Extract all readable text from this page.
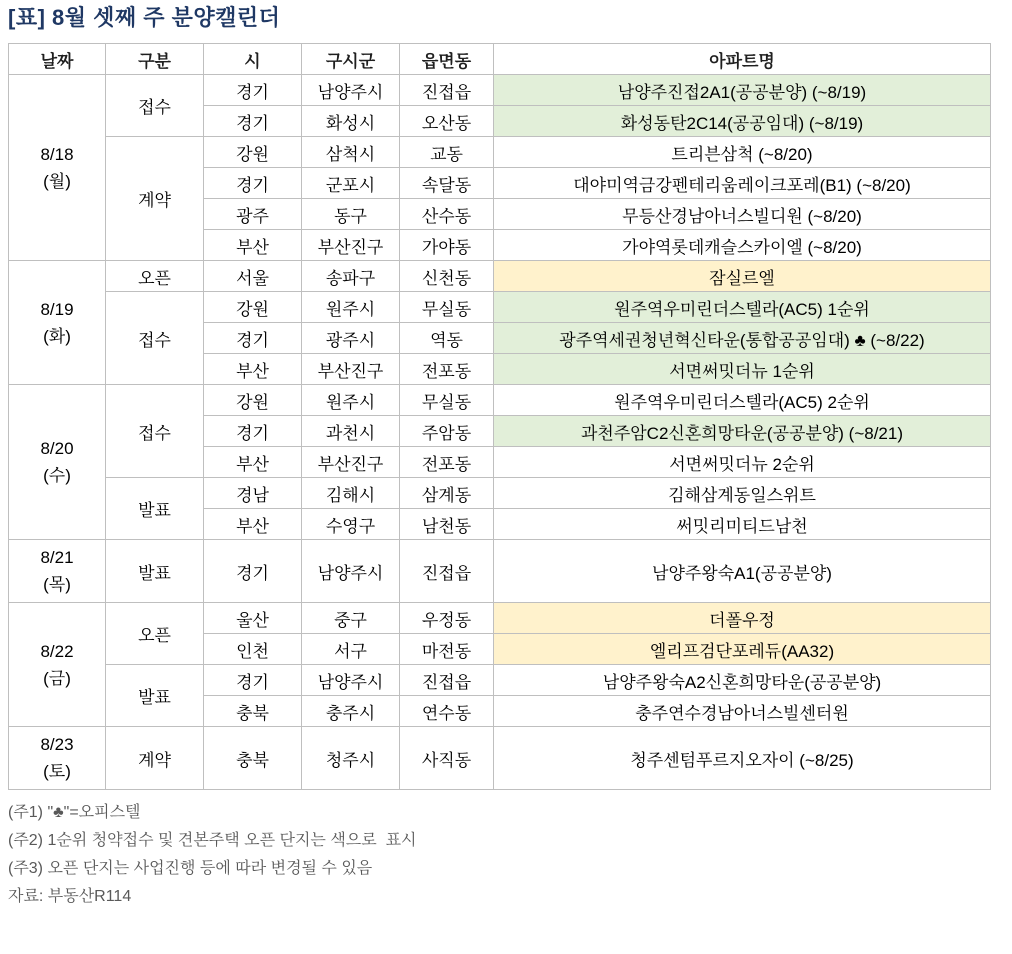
[표] 8월 셋째 주 분양캘린더
날짜	구분	시	구시군	읍면동	아파트명

8/18
(월)	접수	경기	남양주시	진접읍	남양주진접2A1(공공분양) (~8/19)
		경기	화성시	오산동	화성동탄2C14(공공임대) (~8/19)
	계약	강원	삼척시	교동	트리븐삼척 (~8/20)
		경기	군포시	속달동	대야미역금강펜테리움레이크포레(B1) (~8/20)
		광주	동구	산수동	무등산경남아너스빌디원 (~8/20)
		부산	부산진구	가야동	가야역롯데캐슬스카이엘 (~8/20)

8/19
(화)	오픈	서울	송파구	신천동	잠실르엘
	접수	강원	원주시	무실동	원주역우미린더스텔라(AC5) 1순위
		경기	광주시	역동	광주역세권청년혁신타운(통합공공임대) ♣ (~8/22)
		부산	부산진구	전포동	서면써밋더뉴 1순위

8/20
(수)	접수	강원	원주시	무실동	원주역우미린더스텔라(AC5) 2순위
		경기	과천시	주암동	과천주암C2신혼희망타운(공공분양) (~8/21)
		부산	부산진구	전포동	서면써밋더뉴 2순위
	발표	경남	김해시	삼계동	김해삼계동일스위트
		부산	수영구	남천동	써밋리미티드남천

8/21
(목)	발표	경기	남양주시	진접읍	남양주왕숙A1(공공분양)

8/22
(금)	오픈	울산	중구	우정동	더폴우정
		인천	서구	마전동	엘리프검단포레듀(AA32)
	발표	경기	남양주시	진접읍	남양주왕숙A2신혼희망타운(공공분양)
		충북	충주시	연수동	충주연수경남아너스빌센터원

8/23
(토)	계약	충북	청주시	사직동	청주센텀푸르지오자이 (~8/25)
(주1) "♣"=오피스텔
(주2) 1순위 청약접수 및 견본주택 오픈 단지는 색으로  표시
(주3) 오픈 단지는 사업진행 등에 따라 변경될 수 있음
자료: 부동산R114
